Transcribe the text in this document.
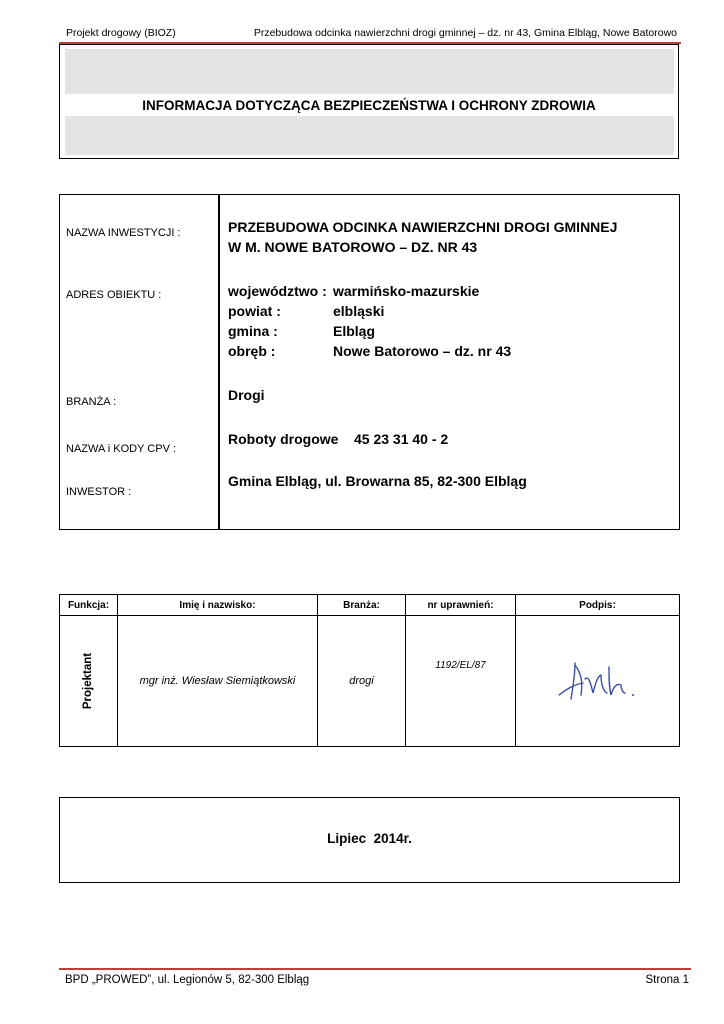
Projekt drogowy (BIOZ)	Przebudowa odcinka nawierzchni drogi gminnej – dz. nr 43, Gmina Elbląg, Nowe Batorowo
INFORMACJA DOTYCZĄCA BEZPIECZEŃSTWA I OCHRONY ZDROWIA
NAZWA INWESTYCJI :	PRZEBUDOWA ODCINKA NAWIERZCHNI DROGI GMINNEJ
W M. NOWE BATOROWO – DZ. NR 43
ADRES OBIEKTU :	województwo : warmińsko-mazurskie
powiat :	elbląski
gmina :	Elbląg
obręb :	Nowe Batorowo – dz. nr 43
BRANŻA :	Drogi
NAZWA i KODY CPV :
Roboty drogowe    45 23 31 40 - 2
INWESTOR :
Gmina Elbląg, ul. Browarna 85, 82-300 Elbląg
Funkcja:	Imię i nazwisko:	Branża:	nr uprawnień:	Podpis:
Projektant	mgr inż. Wiesław Siemiątkowski	drogi	1192/EL/87

Lipiec  2014r.
BPD „PROWED”, ul. Legionów 5, 82-300 Elbląg	Strona 1
